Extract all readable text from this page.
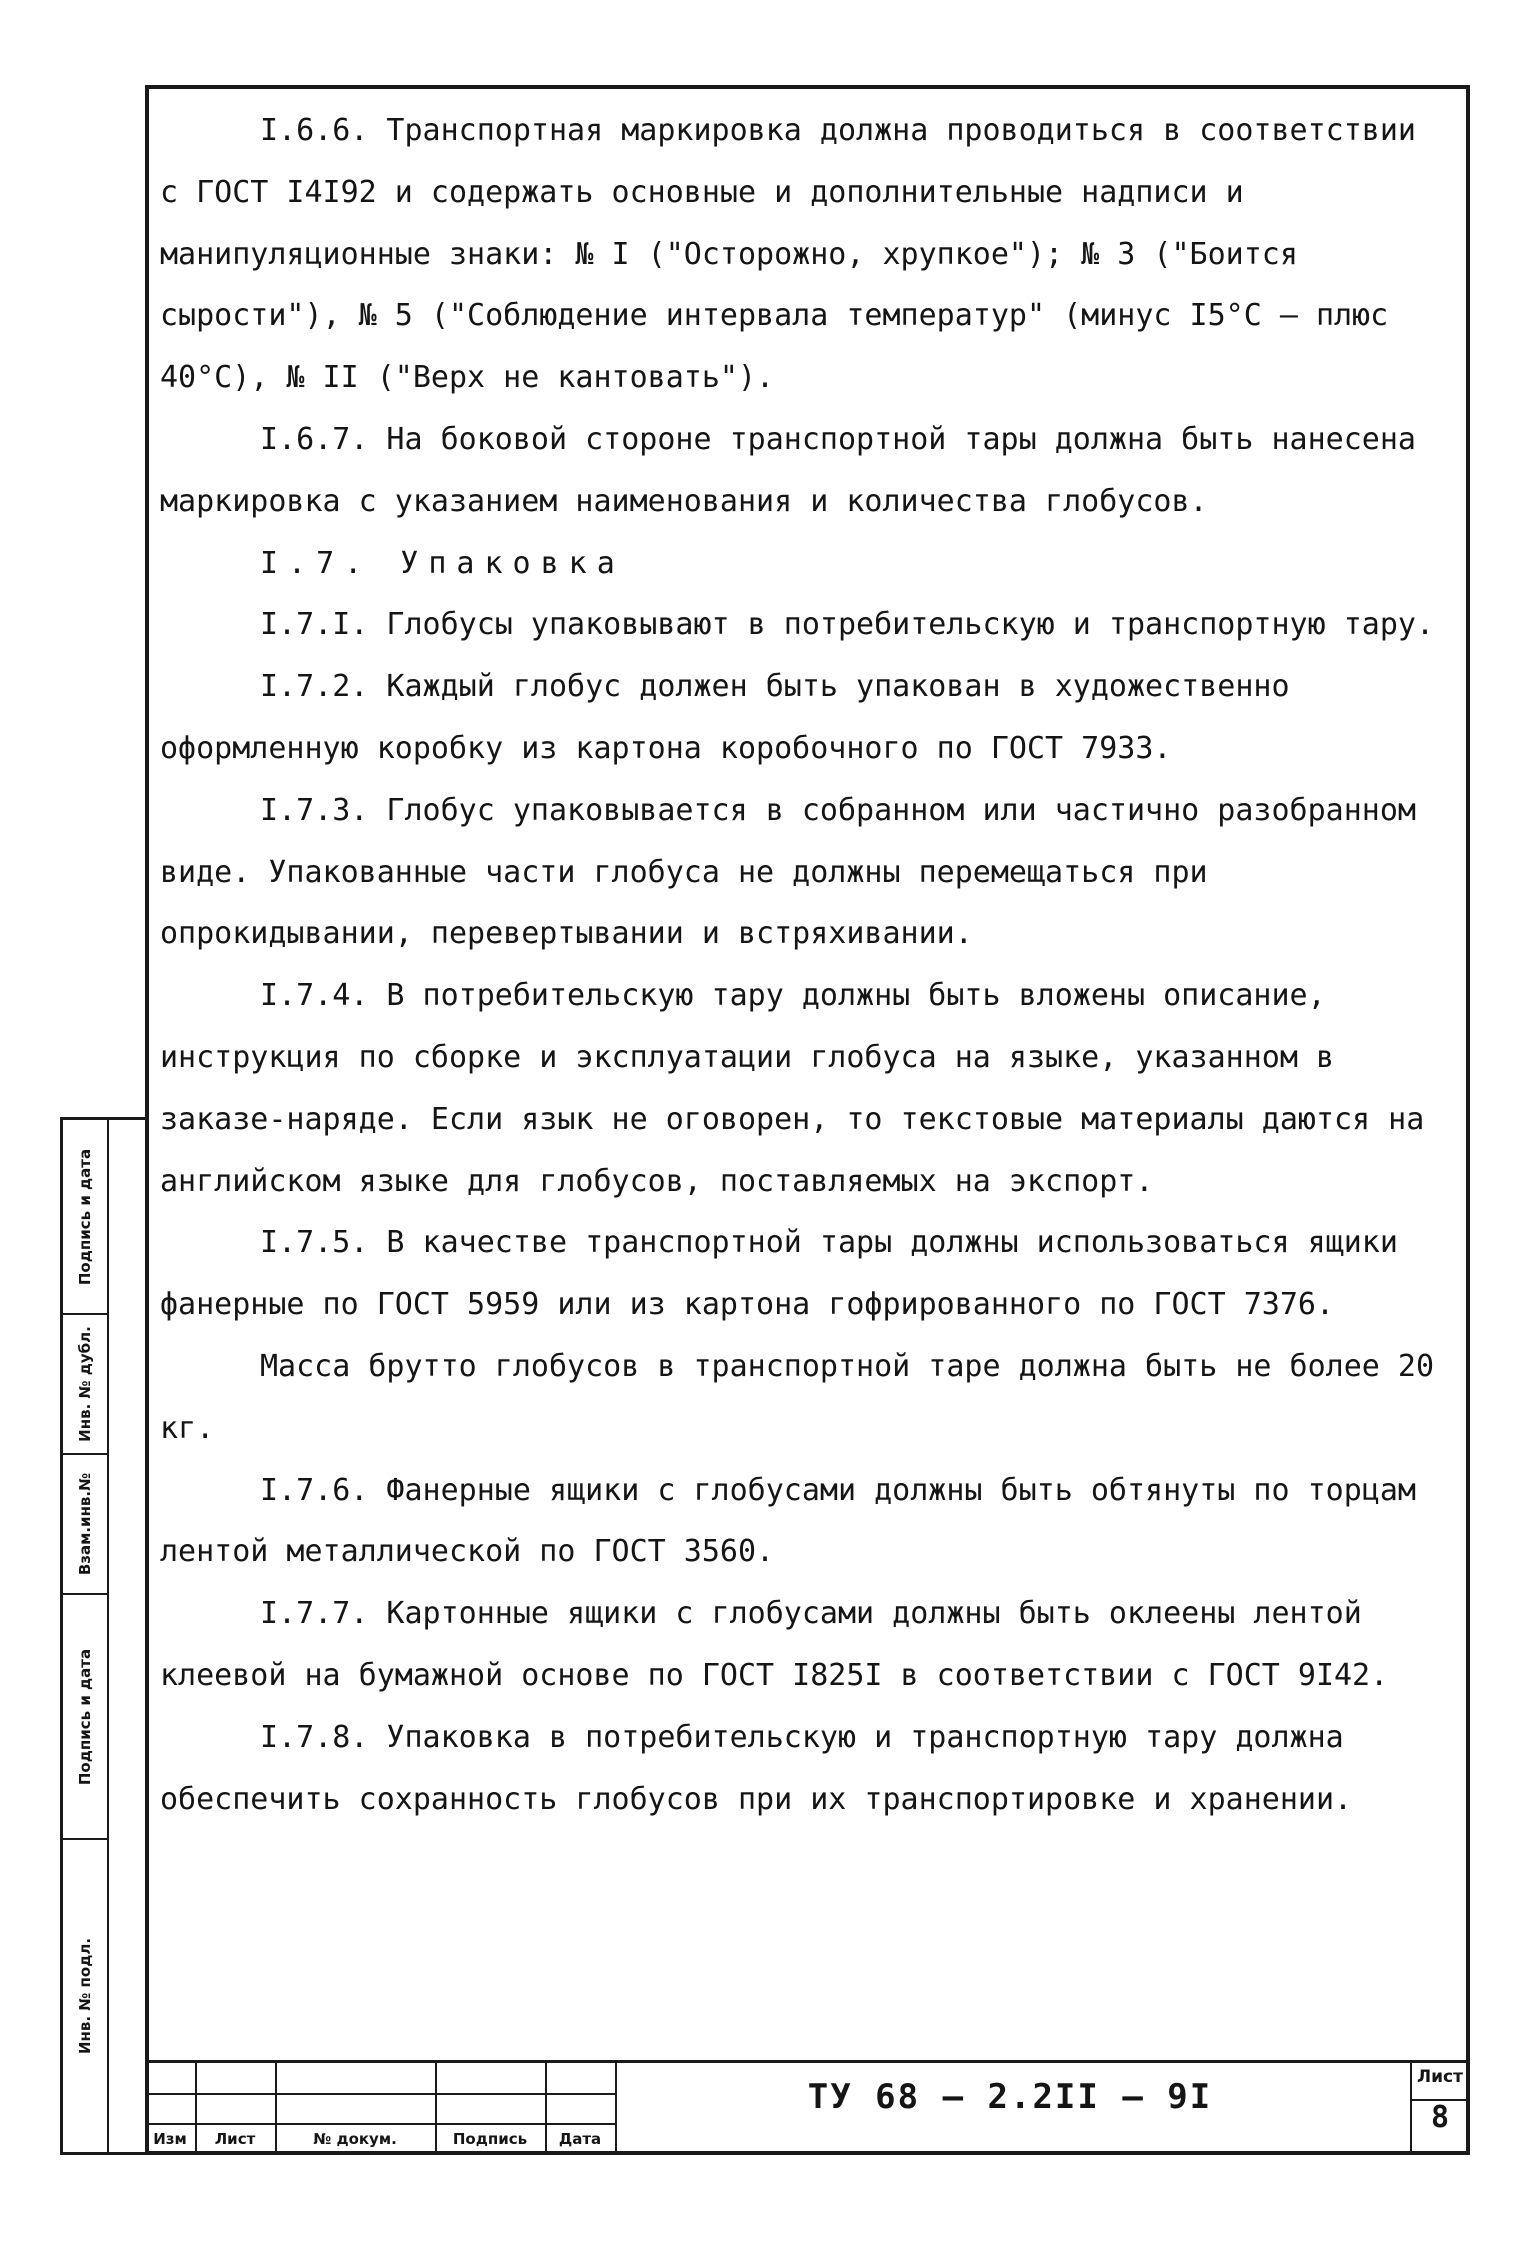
Подпись и дата
Инв. № дубл.
Взам.инв.№
Подпись и дата
Инв. № подл.

I.6.6. Транспортная маркировка должна проводиться в соответствии с ГОСТ I4I92 и содержать основные и дополнительные надписи и манипуляционные знаки: № I ("Осторожно, хрупкое"); № 3 ("Боится сырости"), № 5 ("Соблюдение интервала температур" (минус I5°C – плюс 40°C), № II ("Верх не кантовать").

I.6.7. На боковой стороне транспортной тары должна быть нанесена маркировка с указанием наименования и количества глобусов.

I.7. Упаковка

I.7.I. Глобусы упаковывают в потребительскую и транспортную тару.

I.7.2. Каждый глобус должен быть упакован в художественно оформленную коробку из картона коробочного по ГОСТ 7933.

I.7.3. Глобус упаковывается в собранном или частично разобранном виде. Упакованные части глобуса не должны перемещаться при опрокидывании, перевертывании и встряхивании.

I.7.4. В потребительскую тару должны быть вложены описание, инструкция по сборке и эксплуатации глобуса на языке, указанном в заказе-наряде. Если язык не оговорен, то текстовые материалы даются на английском языке для глобусов, поставляемых на экспорт.

I.7.5. В качестве транспортной тары должны использоваться ящики фанерные по ГОСТ 5959 или из картона гофрированного по ГОСТ 7376.

Масса брутто глобусов в транспортной таре должна быть не более 20 кг.

I.7.6. Фанерные ящики с глобусами должны быть обтянуты по торцам лентой металлической по ГОСТ 3560.

I.7.7. Картонные ящики с глобусами должны быть оклеены лентой клеевой на бумажной основе по ГОСТ I825I в соответствии с ГОСТ 9I42.

I.7.8. Упаковка в потребительскую и транспортную тару должна обеспечить сохранность глобусов при их транспортировке и хранении.

Изм	Лист	№ докум.	Подпись	Дата
ТУ 68 – 2.2II – 9I	Лист
8
